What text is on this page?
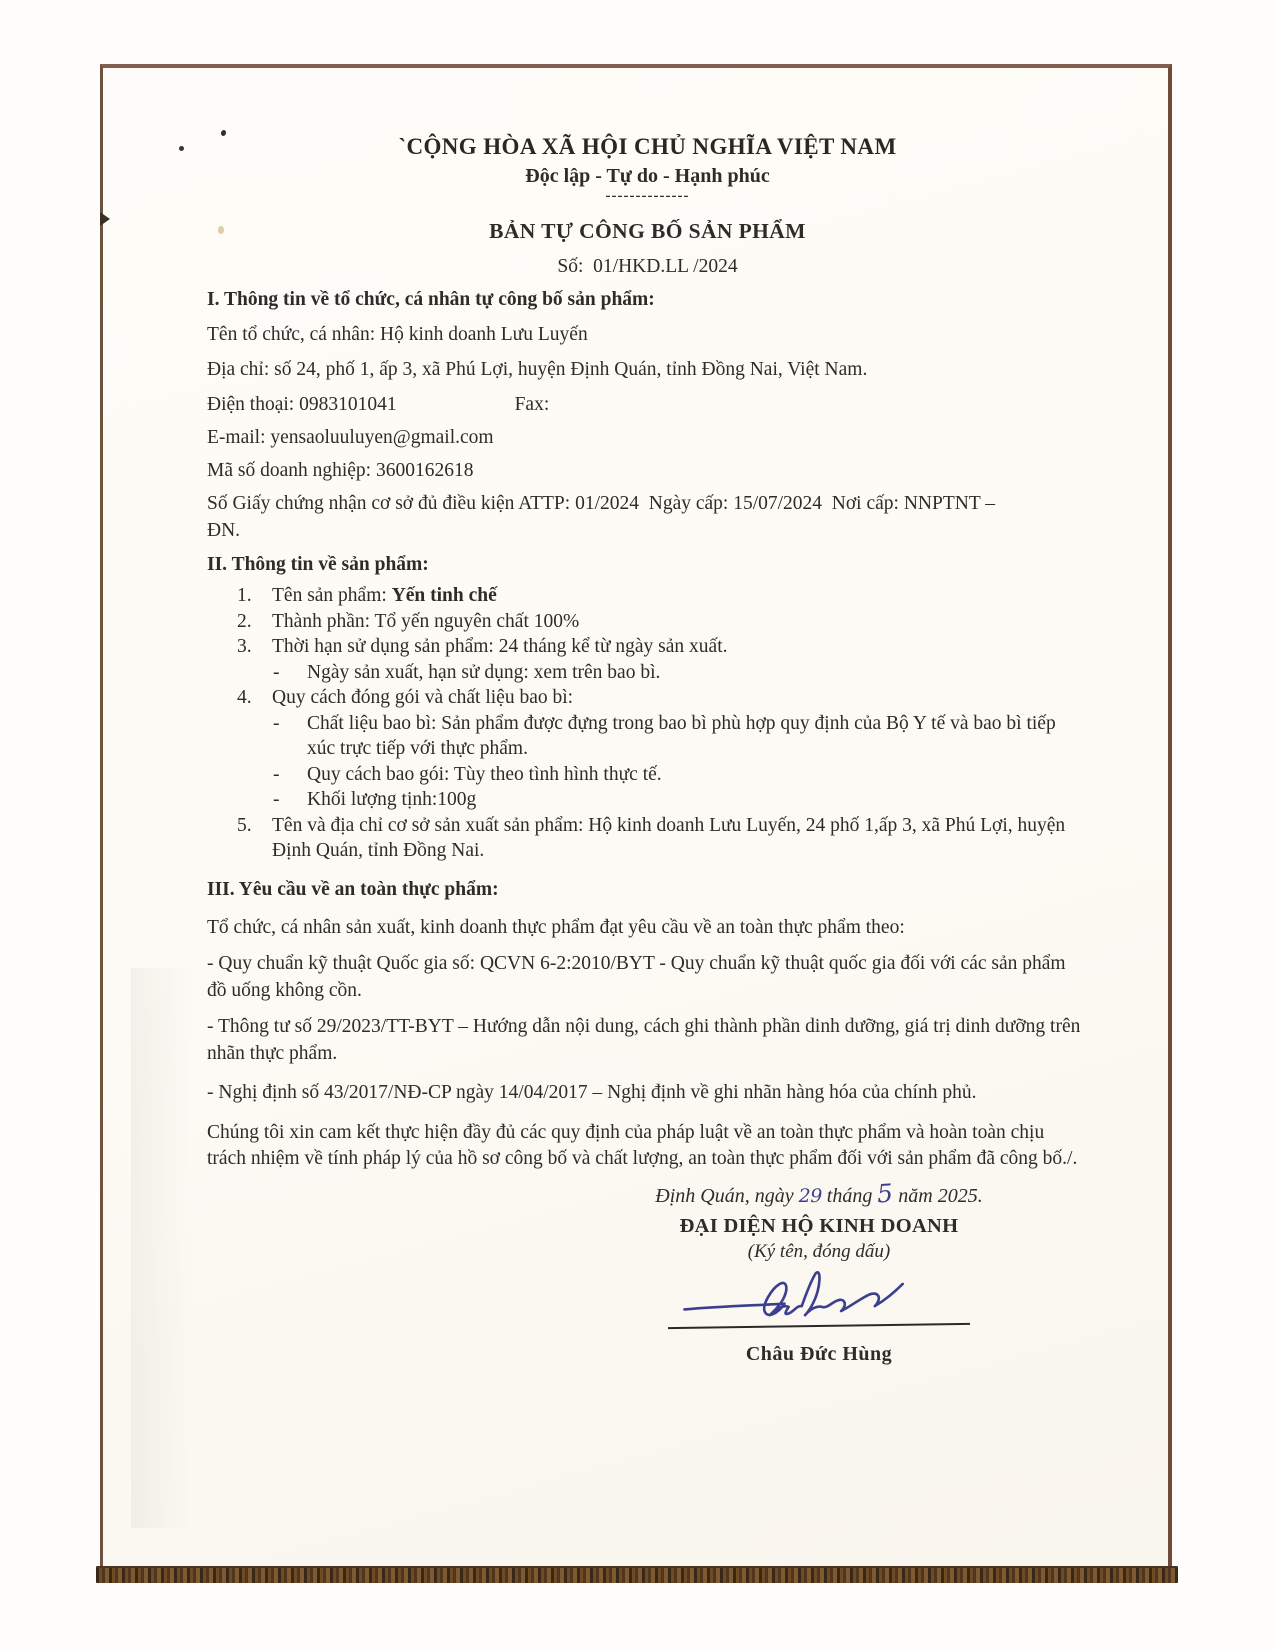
`CỘNG HÒA XÃ HỘI CHỦ NGHĨA VIỆT NAM
Độc lập - Tự do - Hạnh phúc
--------------
BẢN TỰ CÔNG BỐ SẢN PHẨM
Số:  01/HKD.LL /2024
I. Thông tin về tổ chức, cá nhân tự công bố sản phẩm:

Tên tổ chức, cá nhân: Hộ kinh doanh Lưu Luyến

Địa chỉ: số 24, phố 1, ấp 3, xã Phú Lợi, huyện Định Quán, tỉnh Đồng Nai, Việt Nam.

Điện thoại: 0983101041	Fax:

E-mail: yensaoluuluyen@gmail.com

Mã số doanh nghiệp: 3600162618

Số Giấy chứng nhận cơ sở đủ điều kiện ATTP: 01/2024  Ngày cấp: 15/07/2024  Nơi cấp: NNPTNT –

ĐN.

II. Thông tin về sản phẩm:
1.	Tên sản phẩm: Yến tinh chế
2.	Thành phần: Tổ yến nguyên chất 100%
3.	Thời hạn sử dụng sản phẩm: 24 tháng kể từ ngày sản xuất.
-	Ngày sản xuất, hạn sử dụng: xem trên bao bì.
4.	Quy cách đóng gói và chất liệu bao bì:
-	Chất liệu bao bì: Sản phẩm được đựng trong bao bì phù hợp quy định của Bộ Y tế và bao bì tiếp xúc trực tiếp với thực phẩm.
-	Quy cách bao gói: Tùy theo tình hình thực tế.
-	Khối lượng tịnh:100g
5.	Tên và địa chỉ cơ sở sản xuất sản phẩm: Hộ kinh doanh Lưu Luyến, 24 phố 1,ấp 3, xã Phú Lợi, huyện Định Quán, tỉnh Đồng Nai.
III. Yêu cầu về an toàn thực phẩm:

Tổ chức, cá nhân sản xuất, kinh doanh thực phẩm đạt yêu cầu về an toàn thực phẩm theo:

- Quy chuẩn kỹ thuật Quốc gia số: QCVN 6-2:2010/BYT - Quy chuẩn kỹ thuật quốc gia đối với các sản phẩm đồ uống không cồn.

- Thông tư số 29/2023/TT-BYT – Hướng dẫn nội dung, cách ghi thành phần dinh dưỡng, giá trị dinh dưỡng trên nhãn thực phẩm.

- Nghị định số 43/2017/NĐ-CP ngày 14/04/2017 – Nghị định về ghi nhãn hàng hóa của chính phủ.

Chúng tôi xin cam kết thực hiện đầy đủ các quy định của pháp luật về an toàn thực phẩm và hoàn toàn chịu trách nhiệm về tính pháp lý của hồ sơ công bố và chất lượng, an toàn thực phẩm đối với sản phẩm đã công bố./.

Định Quán, ngày 29 tháng 5 năm 2025.
ĐẠI DIỆN HỘ KINH DOANH
(Ký tên, đóng dấu)
Châu Đức Hùng
